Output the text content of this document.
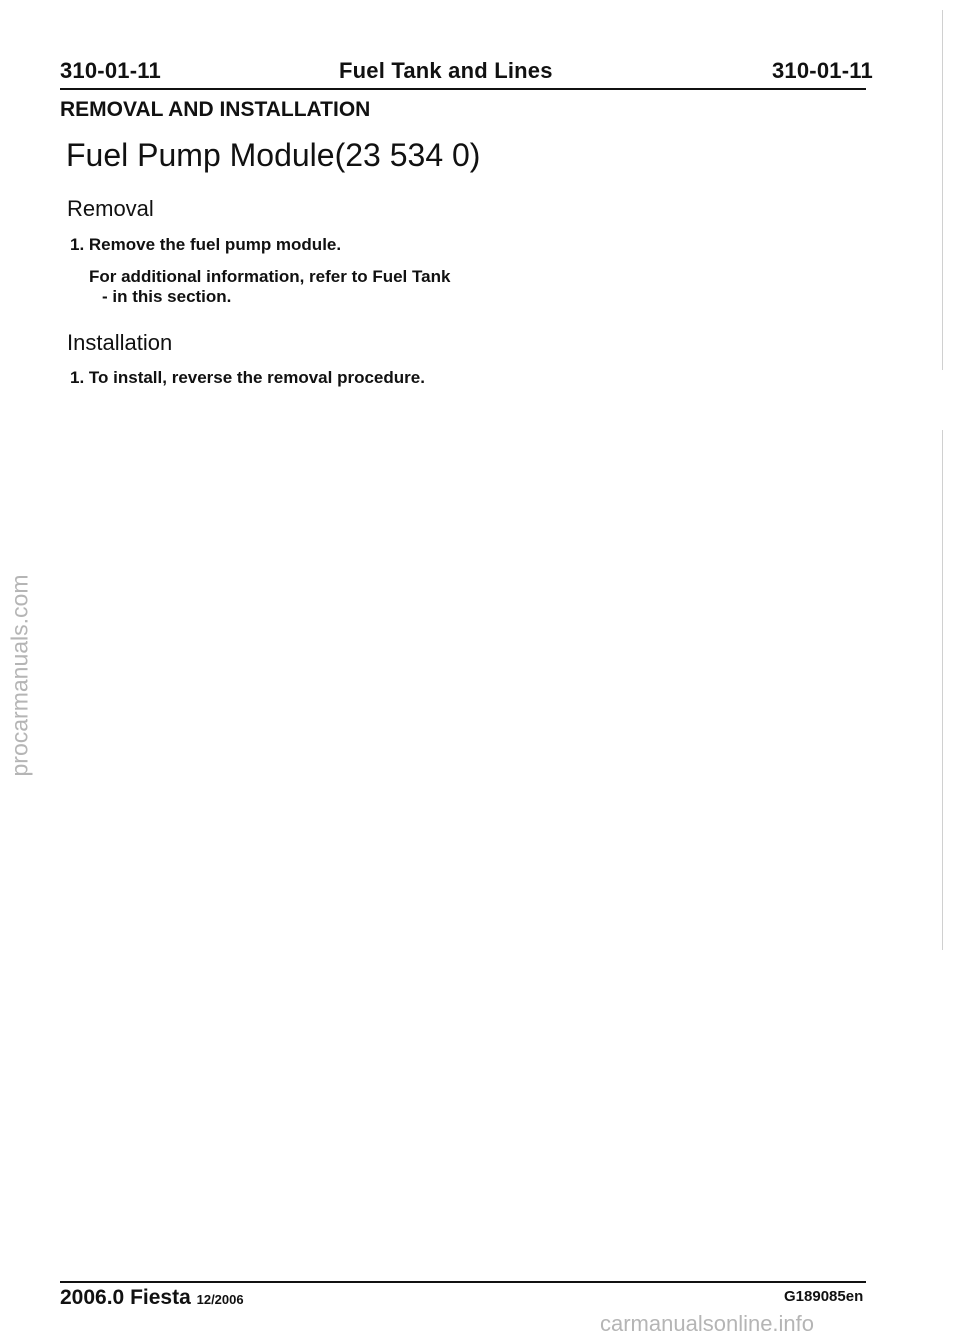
310-01-11	Fuel Tank and Lines	310-01-11
REMOVAL AND INSTALLATION
Fuel Pump Module(23 534 0)
Removal
1. Remove the fuel pump module.
For additional information, refer to Fuel Tank
- in this section.
Installation
1. To install, reverse the removal procedure.
procarmanuals.com
2006.0 Fiesta 12/2006	G189085en
carmanualsonline.info
